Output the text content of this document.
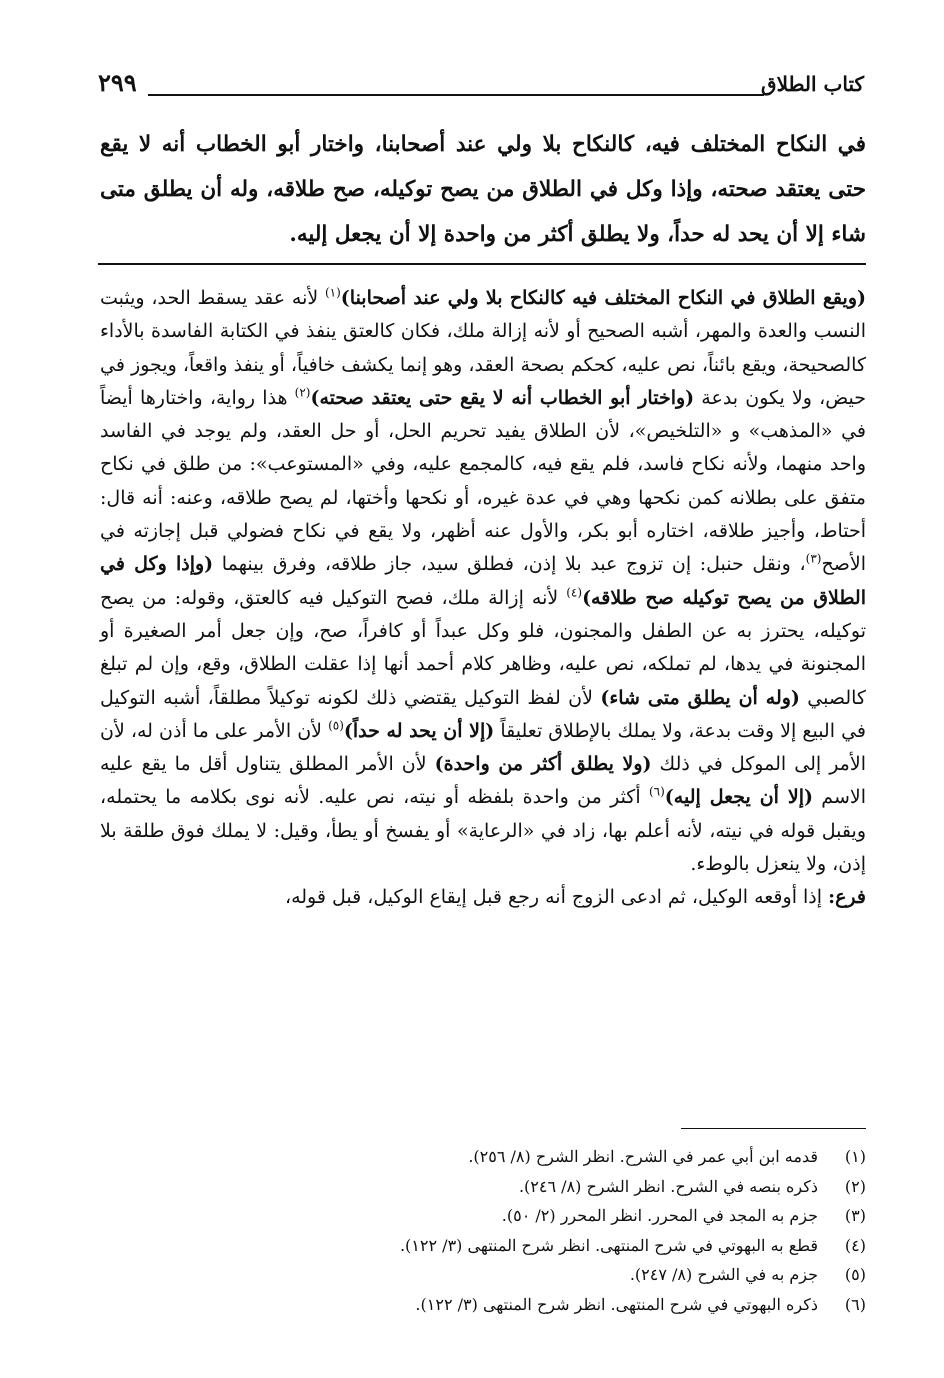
كتاب الطلاق
٢٩٩

في النكاح المختلف فيه، كالنكاح بلا ولي عند أصحابنا، واختار أبو الخطاب أنه لا يقع حتى يعتقد صحته، وإذا وكل في الطلاق من يصح توكيله، صح طلاقه، وله أن يطلق متى شاء إلا أن يحد له حداً، ولا يطلق أكثر من واحدة إلا أن يجعل إليه.

(ويقع الطلاق في النكاح المختلف فيه كالنكاح بلا ولي عند أصحابنا)$^{(١)}$ لأنه عقد يسقط الحد، ويثبت النسب والعدة والمهر، أشبه الصحيح أو لأنه إزالة ملك، فكان كالعتق ينفذ في الكتابة الفاسدة بالأداء كالصحيحة، ويقع بائناً، نص عليه، كحكم بصحة العقد، وهو إنما يكشف خافياً، أو ينفذ واقعاً، ويجوز في حيض، ولا يكون بدعة (واختار أبو الخطاب أنه لا يقع حتى يعتقد صحته)$^{(٢)}$ هذا رواية، واختارها أيضاً في «المذهب» و «التلخيص»، لأن الطلاق يفيد تحريم الحل، أو حل العقد، ولم يوجد في الفاسد واحد منهما، ولأنه نكاح فاسد، فلم يقع فيه، كالمجمع عليه، وفي «المستوعب»: من طلق في نكاح متفق على بطلانه كمن نكحها وهي في عدة غيره، أو نكحها وأختها، لم يصح طلاقه، وعنه: أنه قال: أحتاط، وأجيز طلاقه، اختاره أبو بكر، والأول عنه أظهر، ولا يقع في نكاح فضولي قبل إجازته في الأصح$^{(٣)}$، ونقل حنبل: إن تزوج عبد بلا إذن، فطلق سيد، جاز طلاقه، وفرق بينهما (وإذا وكل في الطلاق من يصح توكيله صح طلاقه)$^{(٤)}$ لأنه إزالة ملك، فصح التوكيل فيه كالعتق، وقوله: من يصح توكيله، يحترز به عن الطفل والمجنون، فلو وكل عبداً أو كافراً، صح، وإن جعل أمر الصغيرة أو المجنونة في يدها، لم تملكه، نص عليه، وظاهر كلام أحمد أنها إذا عقلت الطلاق، وقع، وإن لم تبلغ كالصبي (وله أن يطلق متى شاء) لأن لفظ التوكيل يقتضي ذلك لكونه توكيلاً مطلقاً، أشبه التوكيل في البيع إلا وقت بدعة، ولا يملك بالإطلاق تعليقاً (إلا أن يحد له حداً)$^{(٥)}$ لأن الأمر على ما أذن له، لأن الأمر إلى الموكل في ذلك (ولا يطلق أكثر من واحدة) لأن الأمر المطلق يتناول أقل ما يقع عليه الاسم (إلا أن يجعل إليه)$^{(٦)}$ أكثر من واحدة بلفظه أو نيته، نص عليه. لأنه نوى بكلامه ما يحتمله، ويقبل قوله في نيته، لأنه أعلم بها، زاد في «الرعاية» أو يفسخ أو يطأ، وقيل: لا يملك فوق طلقة بلا إذن، ولا ينعزل بالوطء.

فرع: إذا أوقعه الوكيل، ثم ادعى الزوج أنه رجع قبل إيقاع الوكيل، قبل قوله،

(١)
قدمه ابن أبي عمر في الشرح. انظر الشرح (٨/ ٢٥٦).
(٢)
ذكره بنصه في الشرح. انظر الشرح (٨/ ٢٤٦).
(٣)
جزم به المجد في المحرر. انظر المحرر (٢/ ٥٠).
(٤)
قطع به البهوتي في شرح المنتهى. انظر شرح المنتهى (٣/ ١٢٢).
(٥)
جزم به في الشرح (٨/ ٢٤٧).
(٦)
ذكره البهوتي في شرح المنتهى. انظر شرح المنتهى (٣/ ١٢٢).
